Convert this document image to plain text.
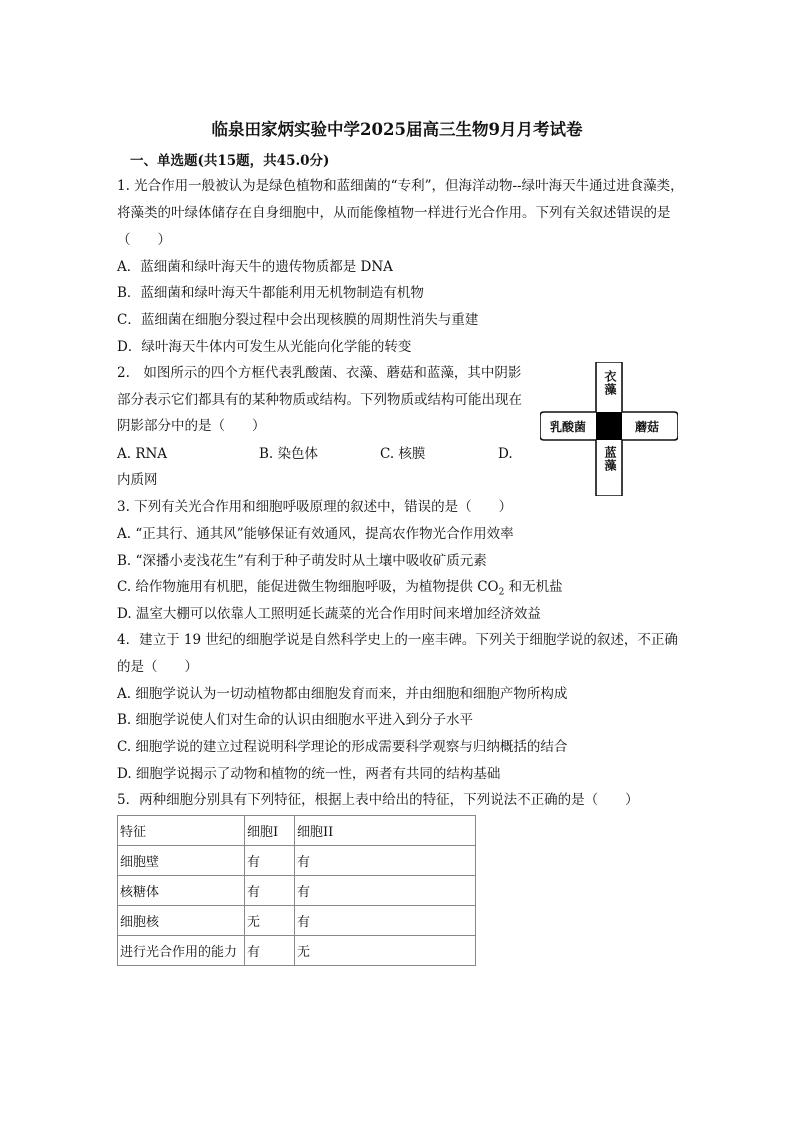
临泉田家炳实验中学2025届高三生物9月月考试卷
一、单选题(共15题，共45.0分)
1. 光合作用一般被认为是绿色植物和蓝细菌的“专利”，但海洋动物--绿叶海天牛通过进食藻类，
将藻类的叶绿体储存在自身细胞中，从而能像植物一样进行光合作用。下列有关叙述错误的是
（　　）
A．蓝细菌和绿叶海天牛的遗传物质都是 DNA
B．蓝细菌和绿叶海天牛都能利用无机物制造有机物
C．蓝细菌在细胞分裂过程中会出现核膜的周期性消失与重建
D．绿叶海天牛体内可发生从光能向化学能的转变
2.　如图所示的四个方框代表乳酸菌、衣藻、蘑菇和蓝藻，其中阴影
部分表示它们都具有的某种物质或结构。下列物质或结构可能出现在
阴影部分中的是（　　）
A. RNA	B. 染色体	C. 核膜	D.
内质网
衣藻
乳酸菌	蘑菇
蓝藻
3. 下列有关光合作用和细胞呼吸原理的叙述中，错误的是（　　）
A. “正其行、通其风”能够保证有效通风，提高农作物光合作用效率
B. “深播小麦浅花生”有利于种子萌发时从土壤中吸收矿质元素
C. 给作物施用有机肥，能促进微生物细胞呼吸，为植物提供 $CO_2$ 和无机盐
D. 温室大棚可以依靠人工照明延长蔬菜的光合作用时间来增加经济效益
4．建立于 19 世纪的细胞学说是自然科学史上的一座丰碑。下列关于细胞学说的叙述，不正确
的是（　　）
A. 细胞学说认为一切动植物都由细胞发育而来，并由细胞和细胞产物所构成
B. 细胞学说使人们对生命的认识由细胞水平进入到分子水平
C. 细胞学说的建立过程说明科学理论的形成需要科学观察与归纳概括的结合
D. 细胞学说揭示了动物和植物的统一性，两者有共同的结构基础
5．两种细胞分别具有下列特征，根据上表中给出的特征，下列说法不正确的是（　　）
特征	细胞I	细胞II
细胞壁	有	有
核糖体	有	有
细胞核	无	有
进行光合作用的能力	有	无
